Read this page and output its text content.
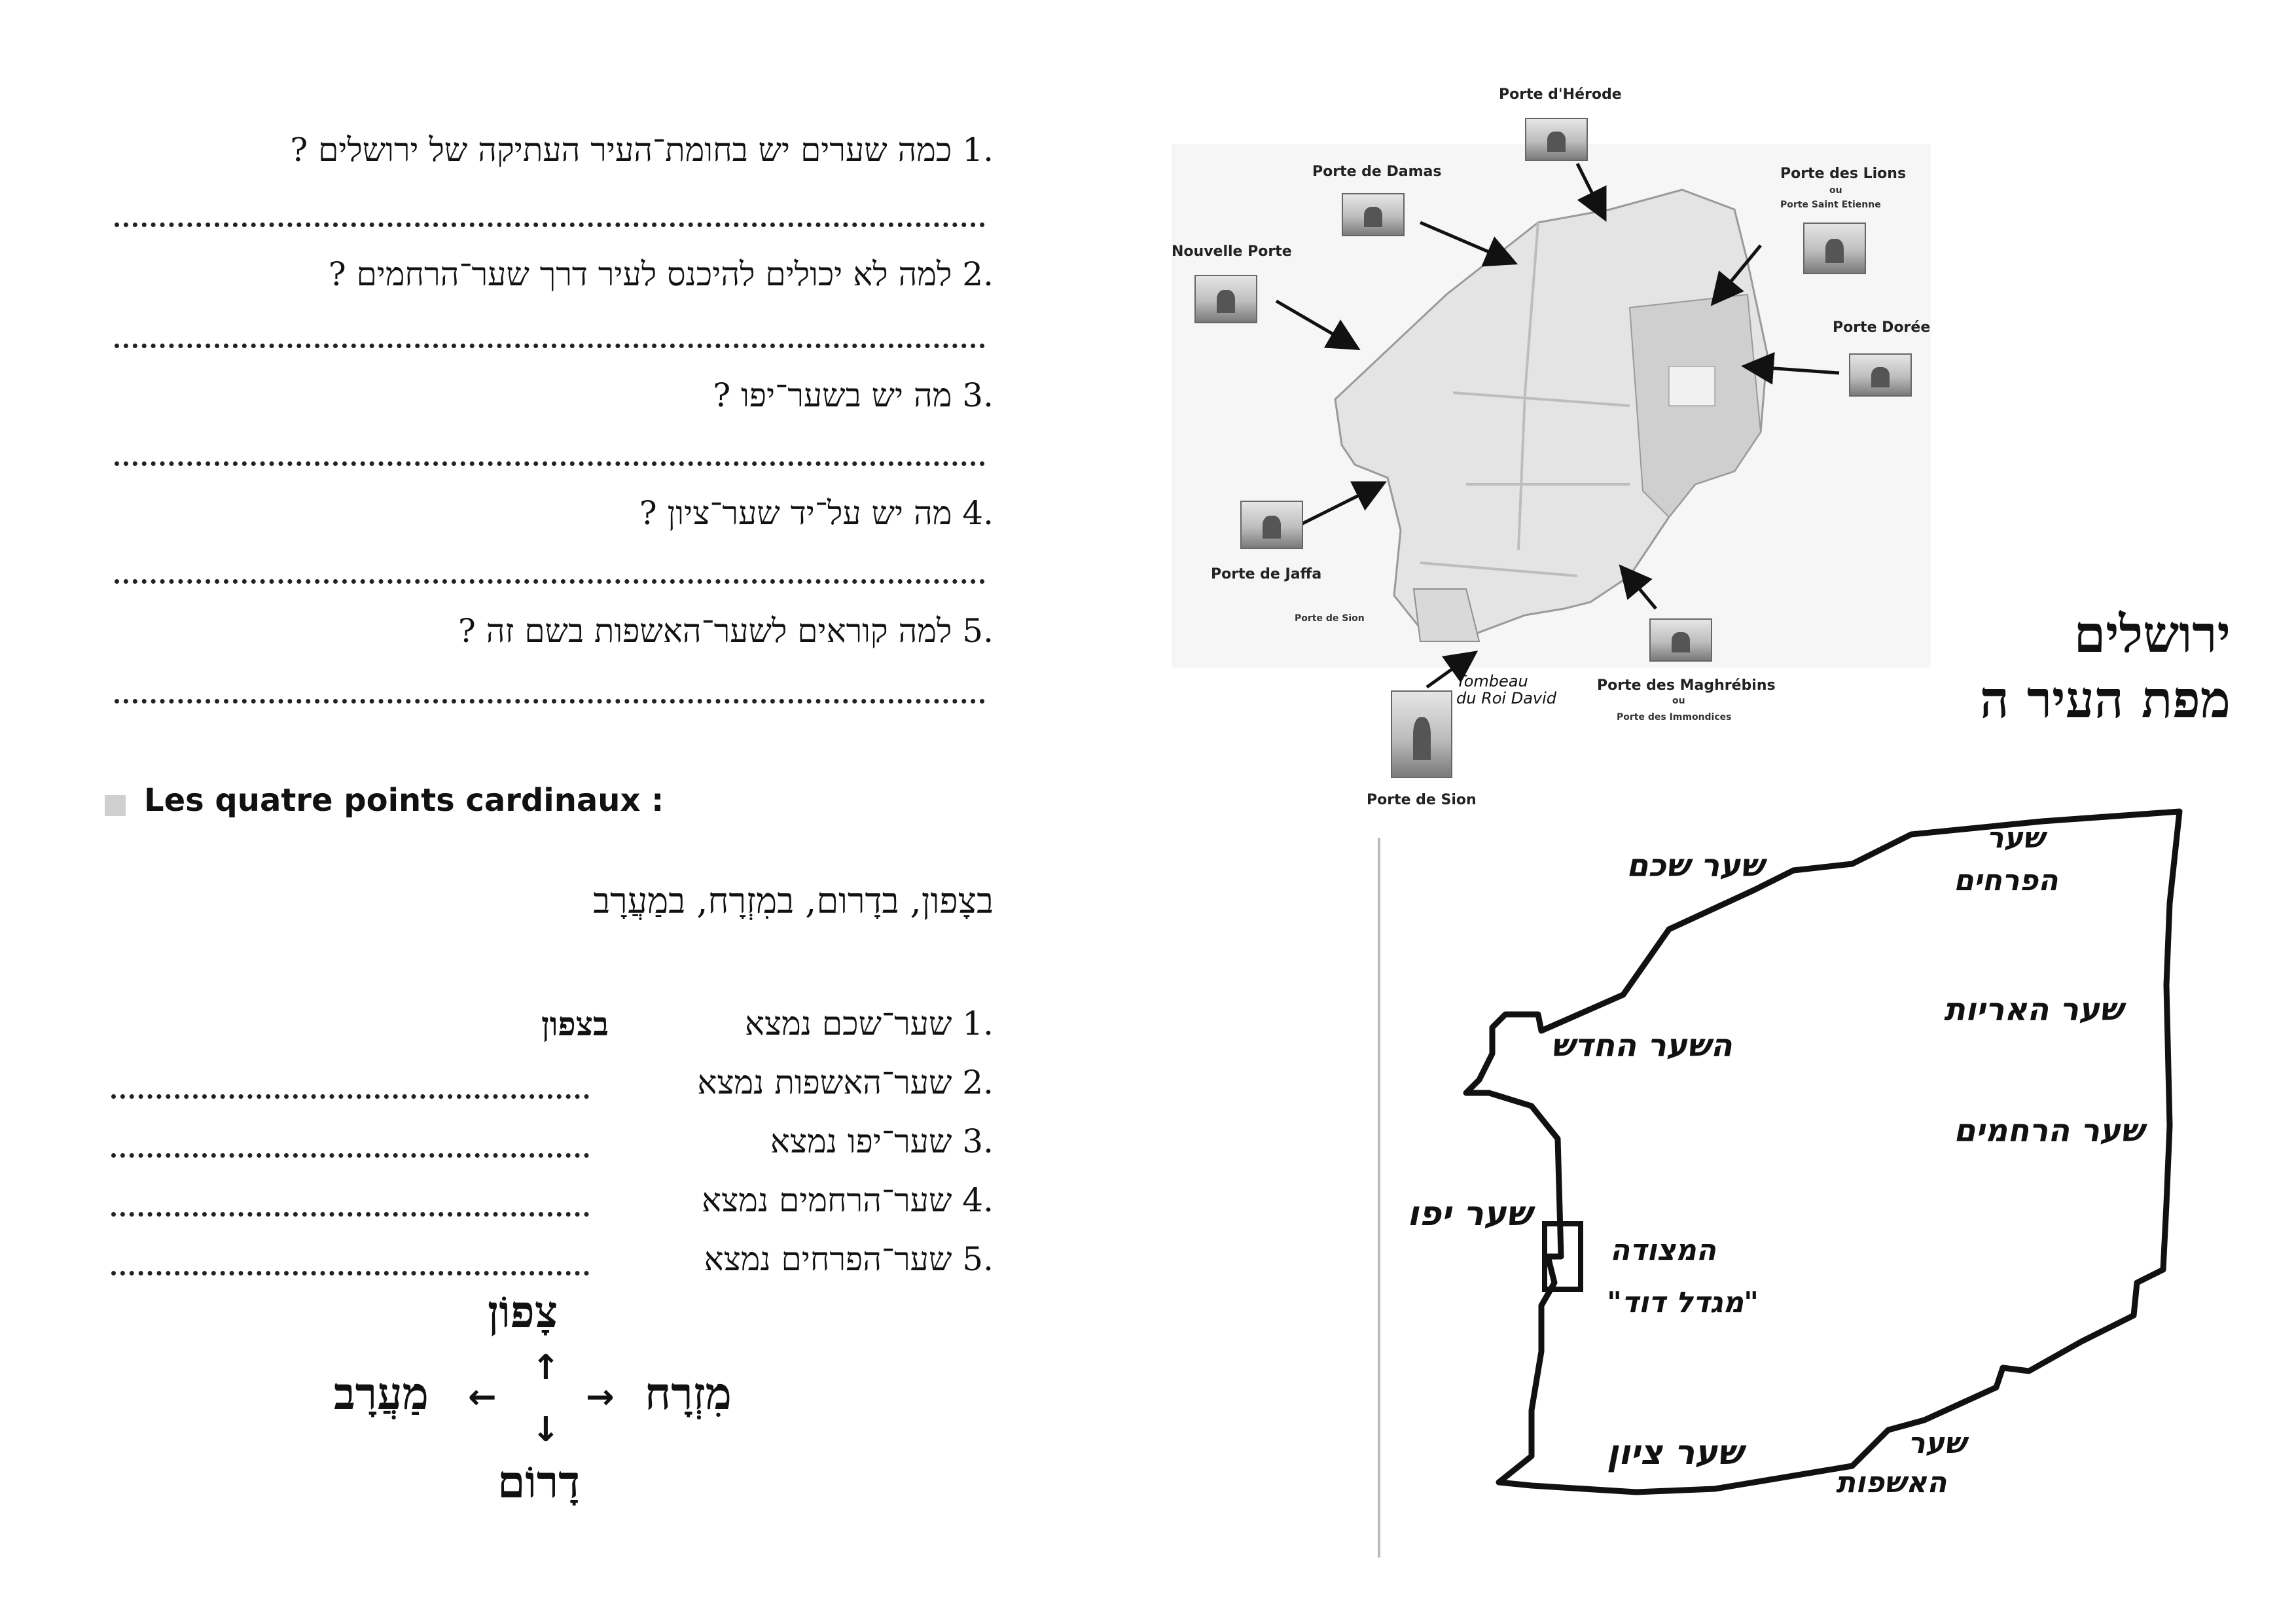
.1 כמה שערים יש בחומת־העיר העתיקה של ירושלים ?
.2 למה לא יכולים להיכנס לעיר דרך שער־הרחמים ?
.3 מה יש בשער־יפו ?
.4 מה יש על־יד שער־ציון ?
.5 למה קוראים לשער־האשפות בשם זה ?
Les quatre points cardinaux :
בצָפון, בדָרום, במִזְרָח, במַעֲרָב
.1 שער־שכם נמצא
בצפון
.2 שער־האשפות נמצא
.3 שער־יפו נמצא
.4 שער־הרחמים נמצא
.5 שער־הפרחים נמצא
צָפוֹן
↑ מִזְרָח
→
←
מַעֲרָב
↓
דָרוֹם
Porte d'Hérode
Porte de Damas	Porte des Lions
ou
Porte Saint Etienne
Nouvelle Porte
Porte Dorée
Porte de Jaffa
Porte de Sion
Porte des Maghrébins
ou
Porte des Immondices
Porte de Sion
Tombeau
du Roi David
ירושלים
מפת העיר ה
שער שכם
שער
הפרחים
השער החדש
שער האריות
שער הרחמים
שער יפו
המצודה
"מגדל דוד"
שער ציון	שער
האשפות
